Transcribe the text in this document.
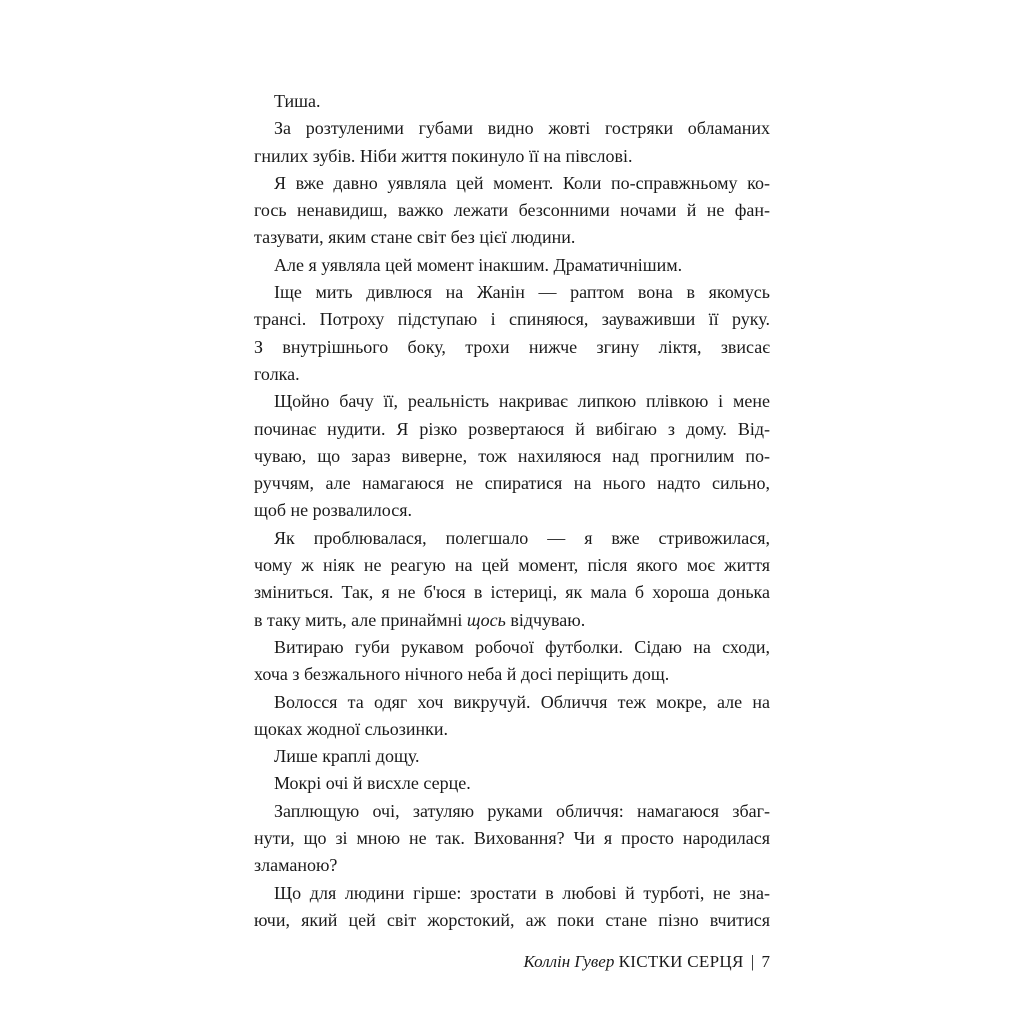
Тиша.
За розтуленими губами видно жовті гостряки обламаних
гнилих зубів. Ніби життя покинуло її на півслові.
Я вже давно уявляла цей момент. Коли по-справжньому ко-
гось ненавидиш, важко лежати безсонними ночами й не фан-
тазувати, яким стане світ без цієї людини.
Але я уявляла цей момент інакшим. Драматичнішим.
Іще мить дивлюся на Жанін — раптом вона в якомусь
трансі. Потроху підступаю і спиняюся, зауваживши її руку.
З внутрішнього боку, трохи нижче згину ліктя, звисає
голка.
Щойно бачу її, реальність накриває липкою плівкою і мене
починає нудити. Я різко розвертаюся й вибігаю з дому. Від-
чуваю, що зараз виверне, тож нахиляюся над прогнилим по-
руччям, але намагаюся не спиратися на нього надто сильно,
щоб не розвалилося.
Як проблювалася, полегшало — я вже стривожилася,
чому ж ніяк не реагую на цей момент, після якого моє життя
зміниться. Так, я не б'юся в істериці, як мала б хороша донька
в таку мить, але принаймні щось відчуваю.
Витираю губи рукавом робочої футболки. Сідаю на сходи,
хоча з безжального нічного неба й досі періщить дощ.
Волосся та одяг хоч викручуй. Обличчя теж мокре, але на
щоках жодної сльозинки.
Лише краплі дощу.
Мокрі очі й висхле серце.
Заплющую очі, затуляю руками обличчя: намагаюся збаг-
нути, що зі мною не так. Виховання? Чи я просто народилася
зламаною?
Що для людини гірше: зростати в любові й турботі, не зна-
ючи, який цей світ жорстокий, аж поки стане пізно вчитися
Коллін Гувер КІСТКИ СЕРЦЯ | 7
